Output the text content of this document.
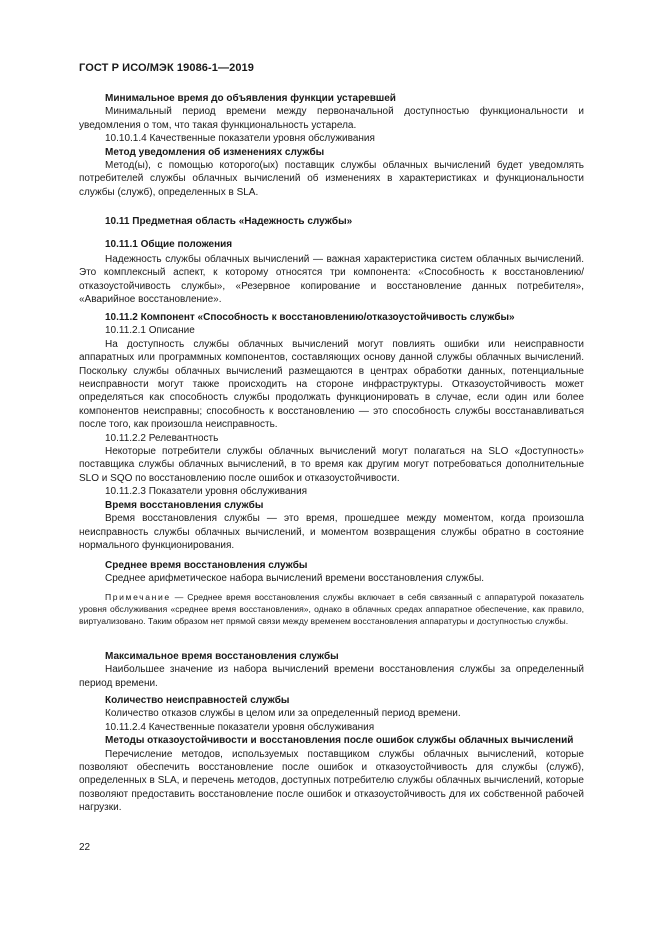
ГОСТ Р ИСО/МЭК 19086-1—2019

Минимальное время до объявления функции устаревшей

Минимальный период времени между первоначальной доступностью функциональности и уведомления о том, что такая функциональность устарела.

10.10.1.4 Качественные показатели уровня обслуживания

Метод уведомления об изменениях службы

Метод(ы), с помощью которого(ых) поставщик службы облачных вычислений будет уведомлять потребителей службы облачных вычислений об изменениях в характеристиках и функциональности службы (служб), определенных в SLA.

10.11 Предметная область «Надежность службы»

10.11.1 Общие положения

Надежность службы облачных вычислений — важная характеристика систем облачных вычислений. Это комплексный аспект, к которому относятся три компонента: «Способность к восстановлению/отказоустойчивость службы», «Резервное копирование и восстановление данных потребителя», «Аварийное восстановление».

10.11.2 Компонент «Способность к восстановлению/отказоустойчивость службы»

10.11.2.1 Описание

На доступность службы облачных вычислений могут повлиять ошибки или неисправности аппаратных или программных компонентов, составляющих основу данной службы облачных вычислений. Поскольку службы облачных вычислений размещаются в центрах обработки данных, потенциальные неисправности могут также происходить на стороне инфраструктуры. Отказоустойчивость может определяться как способность службы продолжать функционировать в случае, если один или более компонентов неисправны; способность к восстановлению — это способность службы восстанавливаться после того, как произошла неисправность.

10.11.2.2 Релевантность

Некоторые потребители службы облачных вычислений могут полагаться на SLO «Доступность» поставщика службы облачных вычислений, в то время как другим могут потребоваться дополнительные SLO и SQO по восстановлению после ошибок и отказоустойчивости.

10.11.2.3 Показатели уровня обслуживания

Время восстановления службы

Время восстановления службы — это время, прошедшее между моментом, когда произошла неисправность службы облачных вычислений, и моментом возвращения службы обратно в состояние нормального функционирования.

Среднее время восстановления службы

Среднее арифметическое набора вычислений времени восстановления службы.

Примечание — Среднее время восстановления службы включает в себя связанный с аппаратурой показатель уровня обслуживания «среднее время восстановления», однако в облачных средах аппаратное обеспечение, как правило, виртуализовано. Таким образом нет прямой связи между временем восстановления аппаратуры и доступностью службы.

Максимальное время восстановления службы

Наибольшее значение из набора вычислений времени восстановления службы за определенный период времени.

Количество неисправностей службы

Количество отказов службы в целом или за определенный период времени.

10.11.2.4 Качественные показатели уровня обслуживания

Методы отказоустойчивости и восстановления после ошибок службы облачных вычислений

Перечисление методов, используемых поставщиком службы облачных вычислений, которые позволяют обеспечить восстановление после ошибок и отказоустойчивость для службы (служб), определенных в SLA, и перечень методов, доступных потребителю службы облачных вычислений, которые позволяют предоставить восстановление после ошибок и отказоустойчивость для их собственной рабочей нагрузки.

22
